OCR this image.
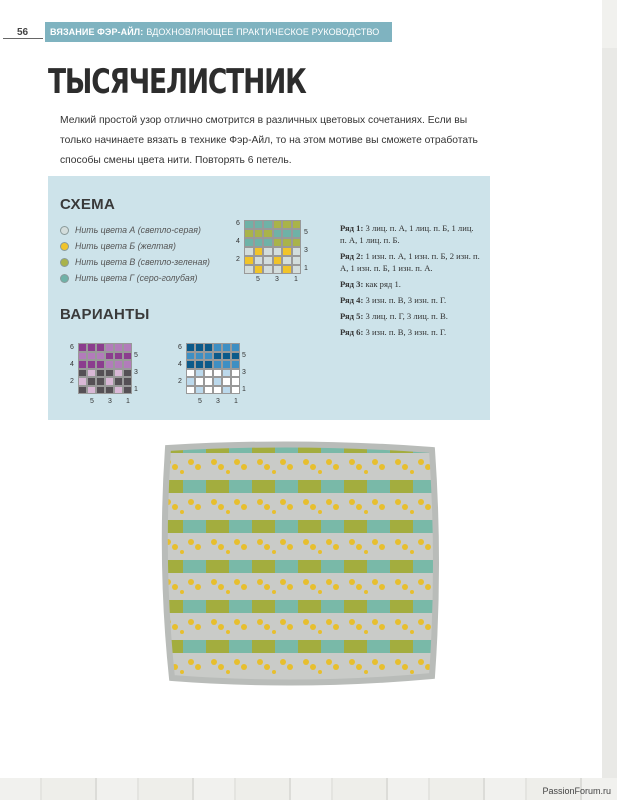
56	ВЯЗАНИЕ ФЭР-АЙЛ: ВДОХНОВЛЯЮЩЕЕ ПРАКТИЧЕСКОЕ РУКОВОДСТВО
ТЫСЯЧЕЛИСТНИК
Мелкий простой узор отлично смотрится в различных цветовых сочетаниях. Если вы только начинаете вязать в технике Фэр-Айл, то на этом мотиве вы сможете отработать способы смены цвета нити. Повторять 6 петель.
СХЕМА
Нить цвета А (светло-серая)
Нить цвета Б (желтая)
Нить цвета В (светло-зеленая)
Нить цвета Г (серо-голубая)
6
4
2
5
3
1
5 3 1

Ряд 1: 3 лиц. п. А, 1 лиц. п. Б, 1 лиц. п. А, 1 лиц. п. Б.

Ряд 2: 1 изн. п. А, 1 изн. п. Б, 2 изн. п. А, 1 изн. п. Б, 1 изн. п. А.

Ряд 3: как ряд 1.

Ряд 4: 3 изн. п. В, 3 изн. п. Г.

Ряд 5: 3 лиц. п. Г, 3 лиц. п. В.

Ряд 6: 3 изн. п. В, 3 изн. п. Г.

ВАРИАНТЫ
6
4
2
5
3
1
5 3 1
6
4
2
5
3
1
5 3 1
PassionForum.ru
